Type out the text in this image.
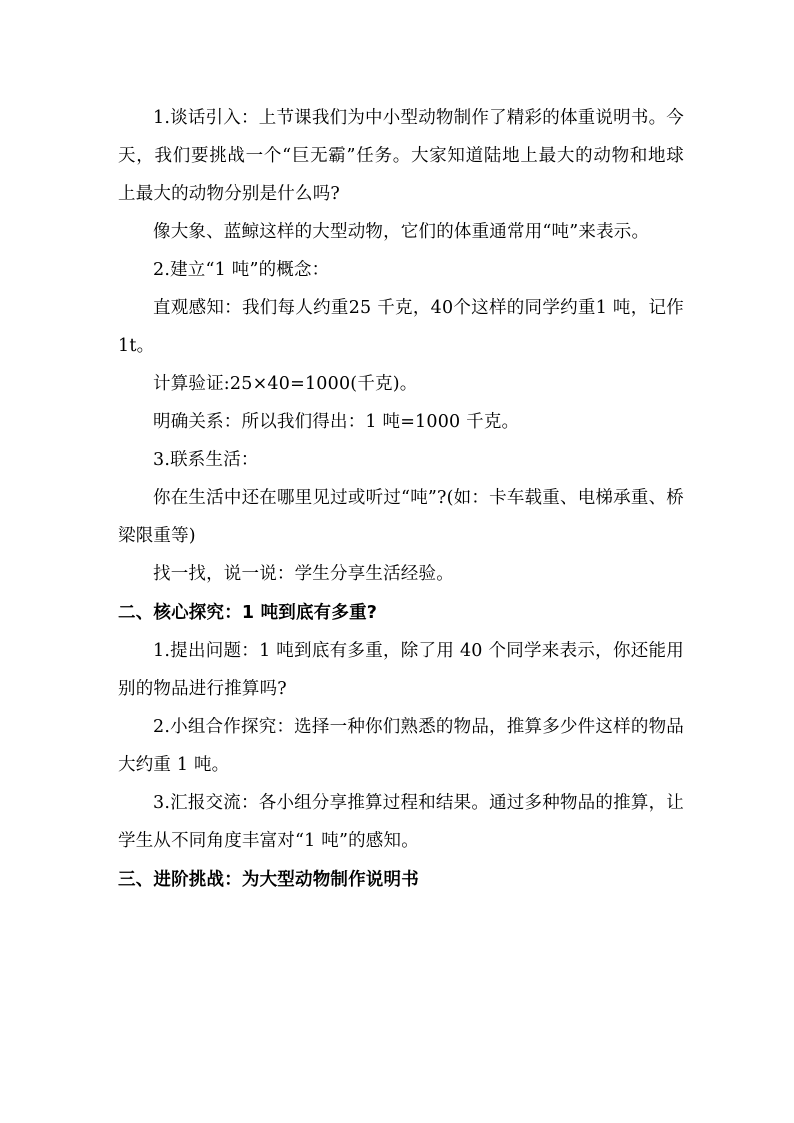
1.谈话引入：上节课我们为中小型动物制作了精彩的体重说明书。今天，我们要挑战一个“巨无霸”任务。大家知道陆地上最大的动物和地球上最大的动物分别是什么吗?

像大象、蓝鲸这样的大型动物，它们的体重通常用“吨”来表示。

2.建立“1 吨”的概念：

直观感知：我们每人约重25 千克，40个这样的同学约重1 吨，记作 1t。

计算验证:25×40=1000(千克)。

明确关系：所以我们得出：1 吨=1000 千克。

3.联系生活：

你在生活中还在哪里见过或听过“吨”?(如：卡车载重、电梯承重、桥梁限重等)

找一找，说一说：学生分享生活经验。

二、核心探究：1 吨到底有多重?

1.提出问题：1 吨到底有多重，除了用 40 个同学来表示，你还能用别的物品进行推算吗?

2.小组合作探究：选择一种你们熟悉的物品，推算多少件这样的物品大约重 1 吨。

3.汇报交流：各小组分享推算过程和结果。通过多种物品的推算，让学生从不同角度丰富对“1 吨”的感知。

三、进阶挑战：为大型动物制作说明书
